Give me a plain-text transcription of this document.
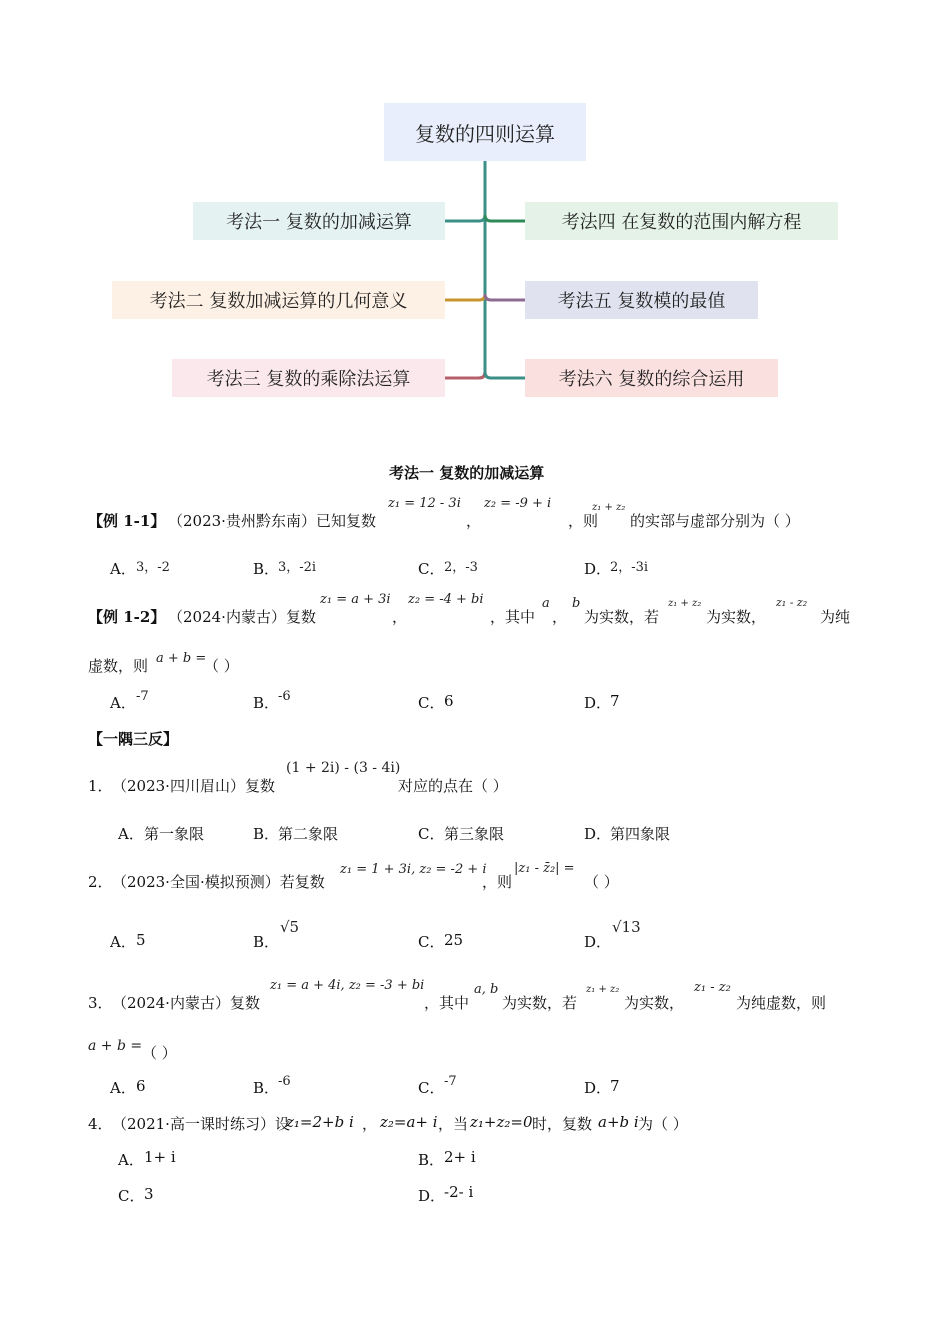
复数的四则运算
考法一 复数的加减运算
考法二 复数加减运算的几何意义
考法三 复数的乘除法运算
考法四 在复数的范围内解方程
考法五 复数模的最值
考法六 复数的综合运用
考法一 复数的加减运算
【例 1-1】 （2023·贵州黔东南）已知复数
z₁ = 12 - 3i
，
z₂ = -9 + i
，则
z₁ + z₂
的实部与虚部分别为（ ）
A． 3，-2	B．
3，-2i	C． 2，-3	D．
2，-3i
【例 1-2】 （2024·内蒙古）复数
z₁ = a + 3i
，
z₂ = -4 + bi
，其中
a
，
b
为实数，若
z₁ + z₂
为实数，
z₁ - z₂
为纯
虚数，则 a + b =
（ ）
A． -7	B．
-6	C． 6	D．
7
【一隅三反】
1． （2023·四川眉山）复数
(1 + 2i) - (3 - 4i)
对应的点在（ ）
A． 第一象限	B．
第二象限	C． 第三象限	D．
第四象限
2． （2023·全国·模拟预测）若复数
z₁ = 1 + 3i, z₂ = -2 + i
，则
|z₁ - z̄₂| =
（ ）
A． 5	B．
√5
C． 25	D．
√13
3． （2024·内蒙古）复数
z₁ = a + 4i, z₂ = -3 + bi
，其中
a, b
为实数，若
z₁ + z₂
为实数，
z₁ - z₂
为纯虚数，则
a + b = （ ）
A． 6	B．
-6	C． -7	D．
7
4． （2021·高一课时练习）设
z₁=2+b i ， z₂=a+ i ，当 z₁+z₂=0 时，复数 a+b i 为（ ）
A． 1+ i	B． 2+ i
C． 3	D．
-2- i
